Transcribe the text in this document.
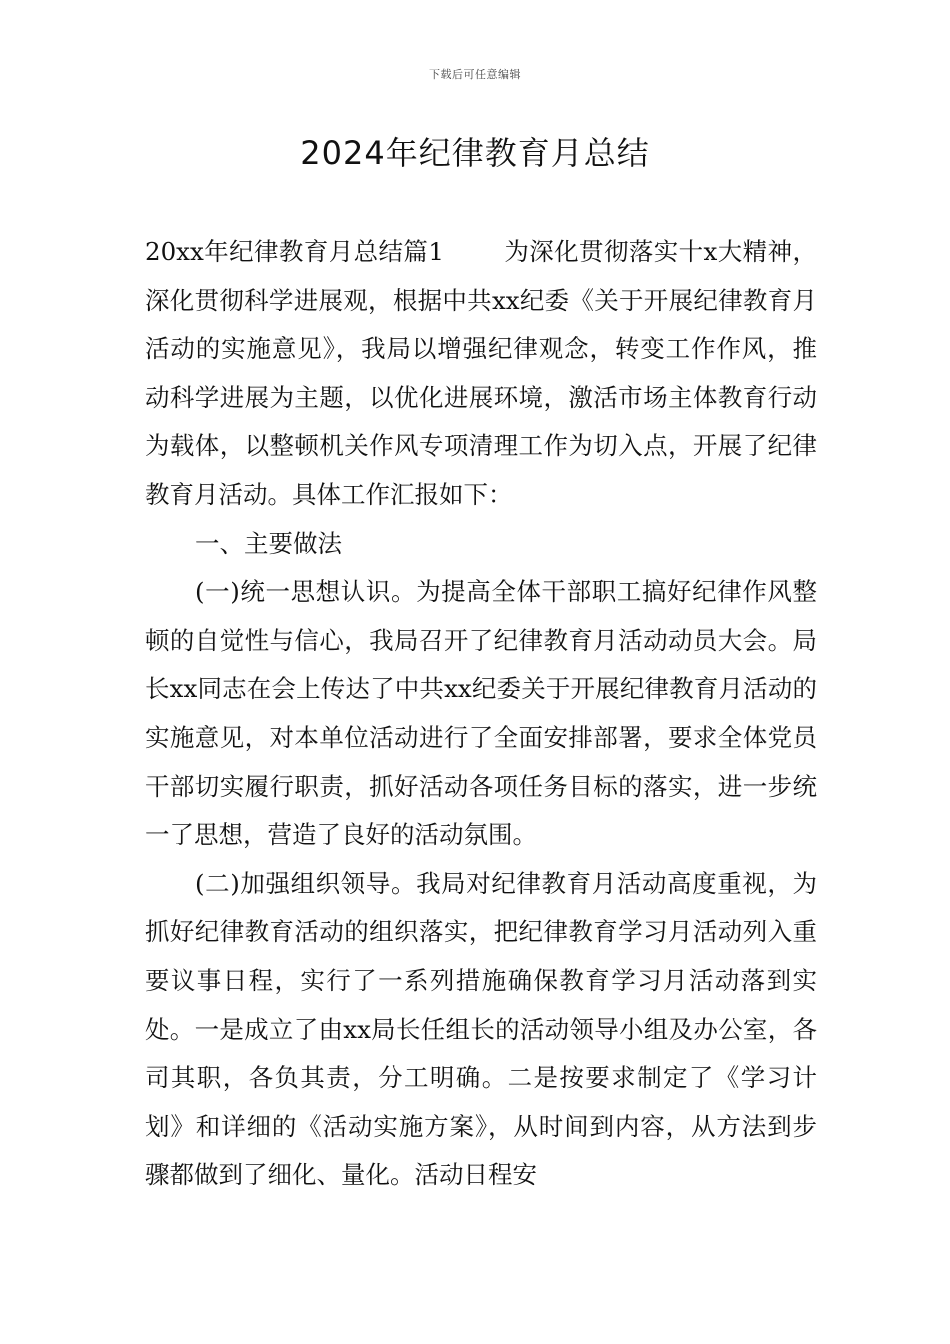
下载后可任意编辑
2024年纪律教育月总结

20xx年纪律教育月总结篇1 为深化贯彻落实十x大精神，深化贯彻科学进展观，根据中共xx纪委《关于开展纪律教育月活动的实施意见》，我局以增强纪律观念，转变工作作风，推动科学进展为主题，以优化进展环境，激活市场主体教育行动为载体，以整顿机关作风专项清理工作为切入点，开展了纪律教育月活动。具体工作汇报如下：

一、主要做法

(一)统一思想认识。为提高全体干部职工搞好纪律作风整顿的自觉性与信心，我局召开了纪律教育月活动动员大会。局长xx同志在会上传达了中共xx纪委关于开展纪律教育月活动的实施意见，对本单位活动进行了全面安排部署，要求全体党员干部切实履行职责，抓好活动各项任务目标的落实，进一步统一了思想，营造了良好的活动氛围。

(二)加强组织领导。我局对纪律教育月活动高度重视，为抓好纪律教育活动的组织落实，把纪律教育学习月活动列入重要议事日程，实行了一系列措施确保教育学习月活动落到实处。一是成立了由xx局长任组长的活动领导小组及办公室，各司其职，各负其责，分工明确。二是按要求制定了《学习计划》和详细的《活动实施方案》，从时间到内容，从方法到步骤都做到了细化、量化。活动日程安
